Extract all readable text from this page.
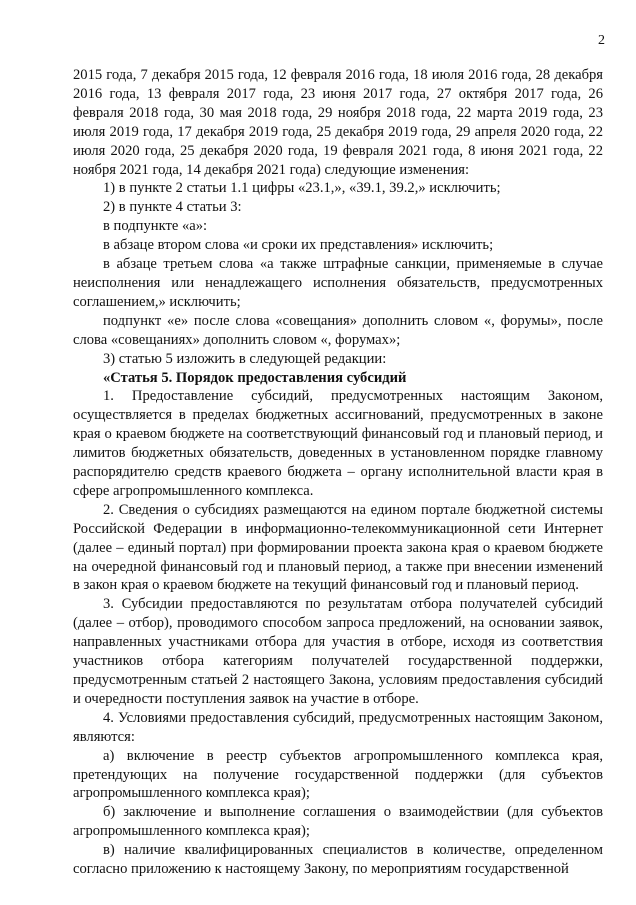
2

2015 года, 7 декабря 2015 года, 12 февраля 2016 года, 18 июля 2016 года, 28 декабря 2016 года, 13 февраля 2017 года, 23 июня 2017 года, 27 октября 2017 года, 26 февраля 2018 года, 30 мая 2018 года, 29 ноября 2018 года, 22 марта 2019 года, 23 июля 2019 года, 17 декабря 2019 года, 25 декабря 2019 года, 29 апреля 2020 года, 22 июля 2020 года, 25 декабря 2020 года, 19 февраля 2021 года, 8 июня 2021 года, 22 ноября 2021 года, 14 декабря 2021 года) следующие изменения:

1) в пункте 2 статьи 1.1 цифры «23.1,», «39.1, 39.2,» исключить;

2) в пункте 4 статьи 3:

в подпункте «а»:

в абзаце втором слова «и сроки их представления» исключить;

в абзаце третьем слова «а также штрафные санкции, применяемые в случае неисполнения или ненадлежащего исполнения обязательств, предусмотренных соглашением,» исключить;

подпункт «е» после слова «совещания» дополнить словом «, форумы», после слова «совещаниях» дополнить словом «, форумах»;

3) статью 5 изложить в следующей редакции:

«Статья 5. Порядок предоставления субсидий

1. Предоставление субсидий, предусмотренных настоящим Законом, осуществляется в пределах бюджетных ассигнований, предусмотренных в законе края о краевом бюджете на соответствующий финансовый год и плановый период, и лимитов бюджетных обязательств, доведенных в установленном порядке главному распорядителю средств краевого бюджета – органу исполнительной власти края в сфере агропромышленного комплекса.

2. Сведения о субсидиях размещаются на едином портале бюджетной системы Российской Федерации в информационно-телекоммуникационной сети Интернет (далее – единый портал) при формировании проекта закона края о краевом бюджете на очередной финансовый год и плановый период, а также при внесении изменений в закон края о краевом бюджете на текущий финансовый год и плановый период.

3. Субсидии предоставляются по результатам отбора получателей субсидий (далее – отбор), проводимого способом запроса предложений, на основании заявок, направленных участниками отбора для участия в отборе, исходя из соответствия участников отбора категориям получателей государственной поддержки, предусмотренным статьей 2 настоящего Закона, условиям предоставления субсидий и очередности поступления заявок на участие в отборе.

4. Условиями предоставления субсидий, предусмотренных настоящим Законом, являются:

а) включение в реестр субъектов агропромышленного комплекса края, претендующих на получение государственной поддержки (для субъектов агропромышленного комплекса края);

б) заключение и выполнение соглашения о взаимодействии (для субъектов агропромышленного комплекса края);

в) наличие квалифицированных специалистов в количестве, определенном согласно приложению к настоящему Закону, по мероприятиям государственной
